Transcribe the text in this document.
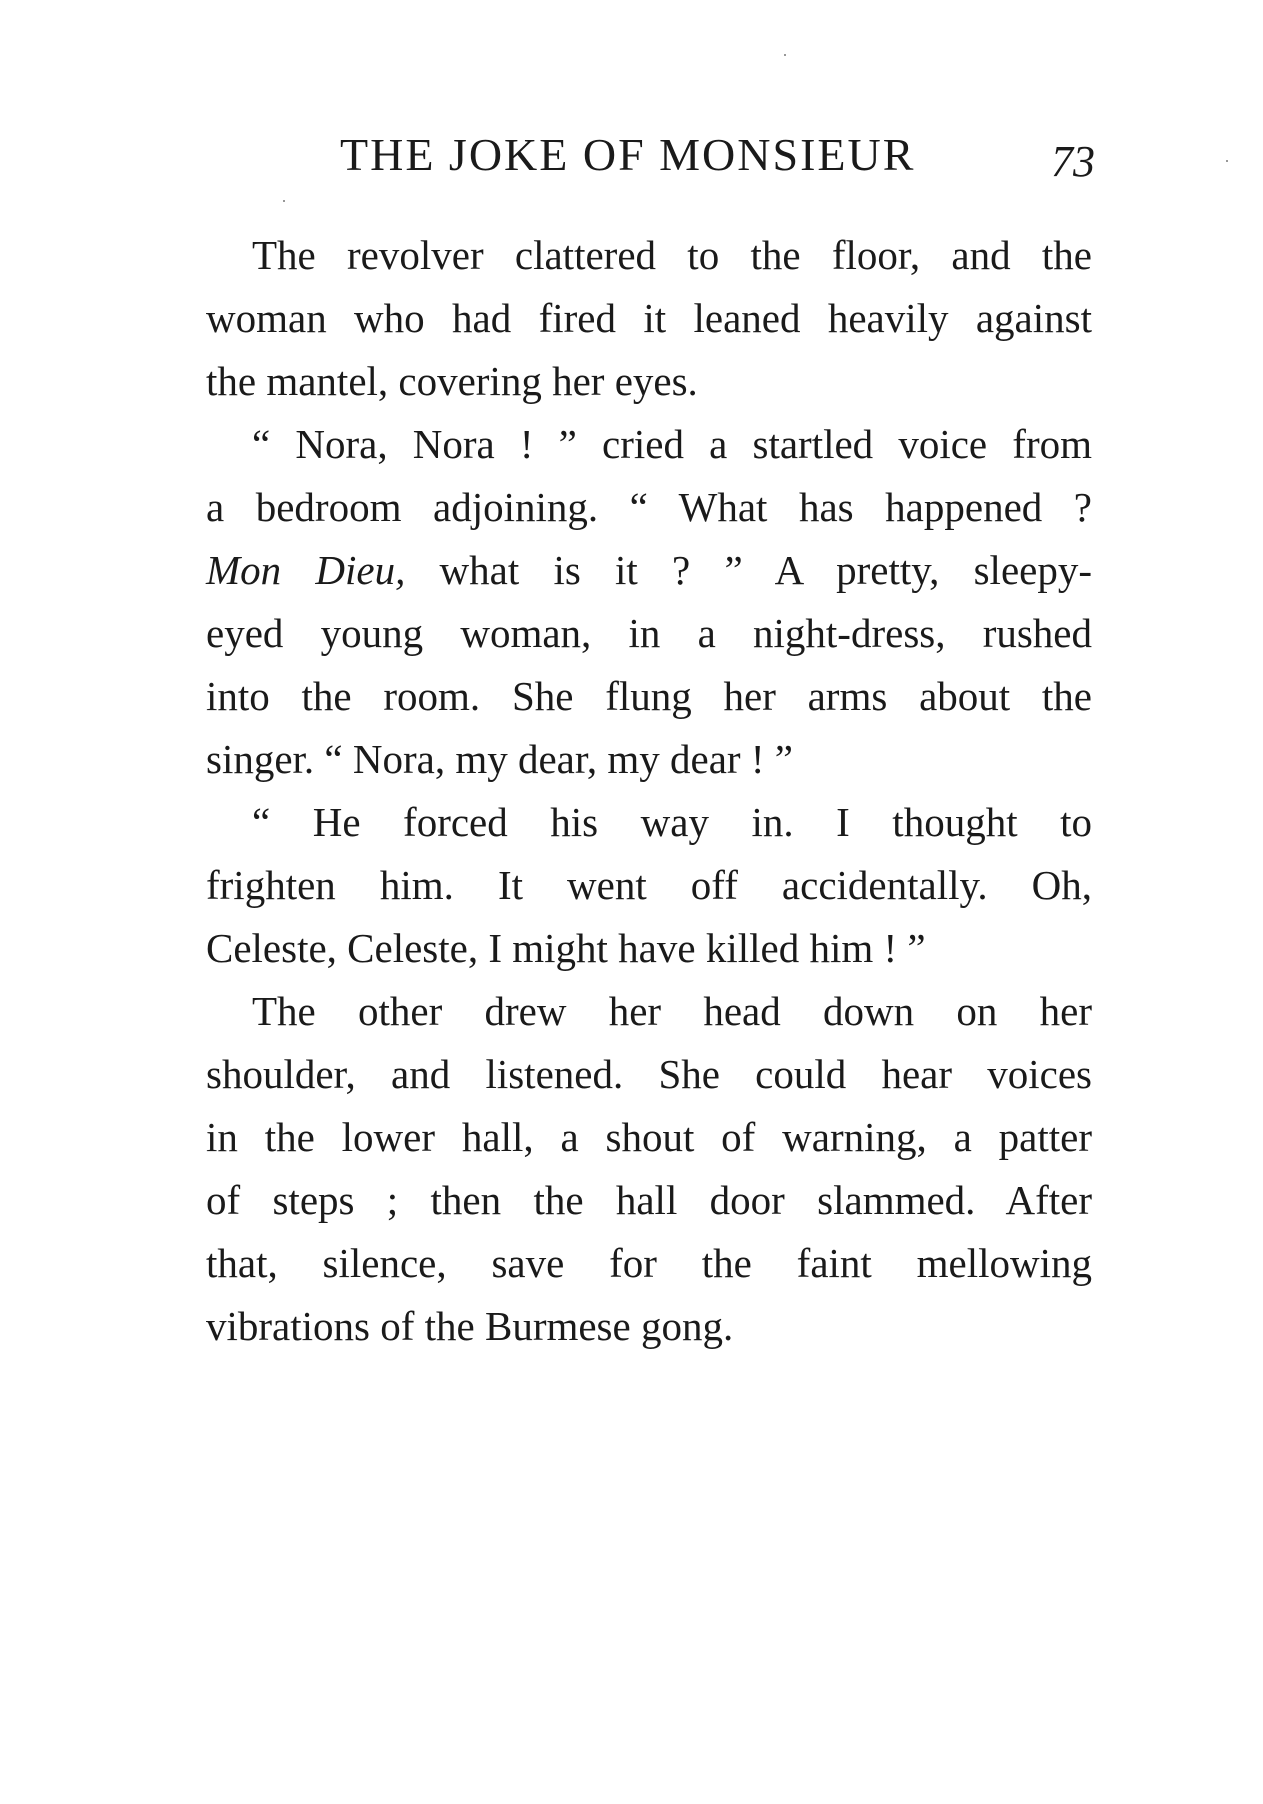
THE JOKE OF MONSIEUR	73
The revolver clattered to the floor, and the
woman who had fired it leaned heavily against
the mantel, covering her eyes.
“ Nora, Nora ! ” cried a startled voice from
a bedroom adjoining. “ What has happened ?
Mon Dieu, what is it ? ” A pretty, sleepy-
eyed young woman, in a night-dress, rushed
into the room. She flung her arms about the
singer. “ Nora, my dear, my dear ! ”
“ He forced his way in. I thought to
frighten him. It went off accidentally. Oh,
Celeste, Celeste, I might have killed him ! ”
The other drew her head down on her
shoulder, and listened. She could hear voices
in the lower hall, a shout of warning, a patter
of steps ; then the hall door slammed. After
that, silence, save for the faint mellowing
vibrations of the Burmese gong.
